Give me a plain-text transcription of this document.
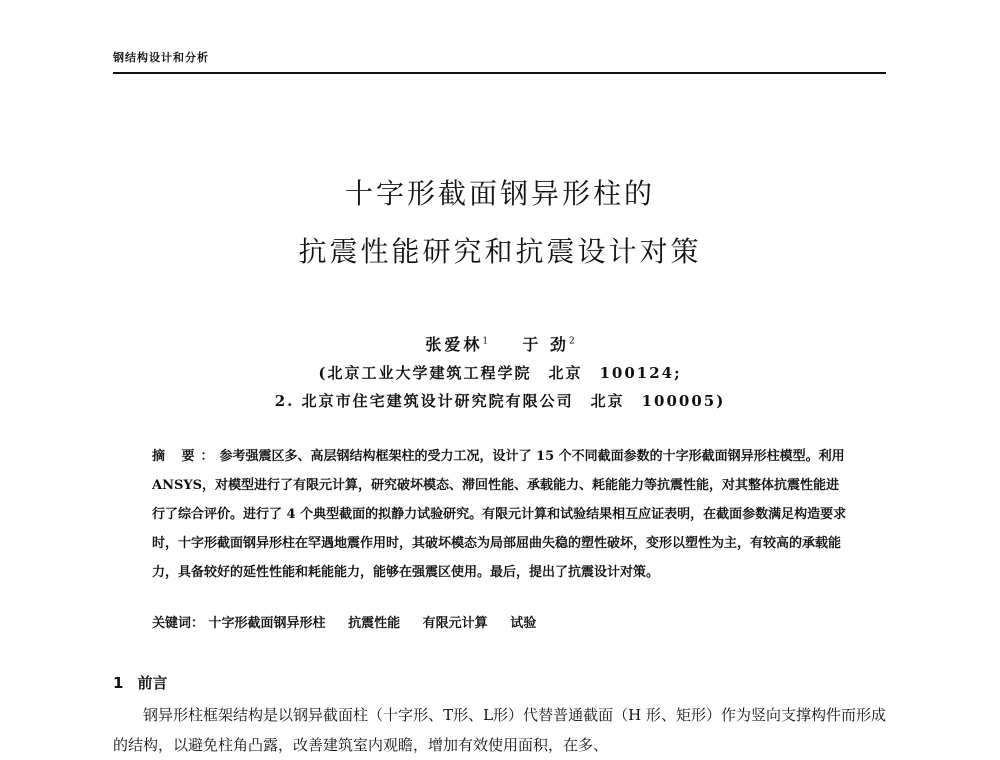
钢结构设计和分析
十字形截面钢异形柱的
抗震性能研究和抗震设计对策
张爱林$^1$ 于 劲$^2$
(北京工业大学建筑工程学院　北京　100124;
2. 北京市住宅建筑设计研究院有限公司　北京　100005)
摘 要：参考强震区多、高层钢结构框架柱的受力工况，设计了 15 个不同截面参数的十字形截面钢异形柱模型。利用 ANSYS，对模型进行了有限元计算，研究破坏模态、滞回性能、承载能力、耗能能力等抗震性能，对其整体抗震性能进行了综合评价。进行了 4 个典型截面的拟静力试验研究。有限元计算和试验结果相互应证表明，在截面参数满足构造要求时，十字形截面钢异形柱在罕遇地震作用时，其破坏模态为局部屈曲失稳的塑性破坏，变形以塑性为主，有较高的承载能力，具备较好的延性性能和耗能能力，能够在强震区使用。最后，提出了抗震设计对策。
关键词： 十字形截面钢异形柱 抗震性能 有限元计算 试验
1 前言
钢异形柱框架结构是以钢异截面柱（十字形、T形、L形）代替普通截面（H 形、矩形）作为竖向支撑构件而形成的结构，以避免柱角凸露，改善建筑室内观瞻，增加有效使用面积，在多、
